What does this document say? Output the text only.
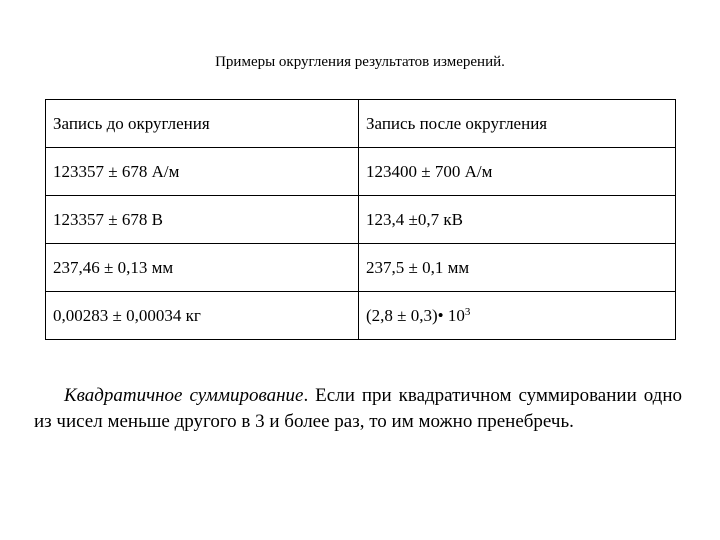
Примеры округления результатов измерений.
Запись до округления	Запись после округления
123357 ± 678 А/м	123400 ± 700 А/м
123357 ± 678 В	123,4 ±0,7 кВ
237,46 ± 0,13 мм	237,5 ± 0,1 мм
0,00283 ± 0,00034 кг	(2,8 ± 0,3)• $10^3$
Квадратичное суммирование. Если при квадратичном суммировании одно из чисел меньше другого в 3 и более раз, то им можно пренебречь.
